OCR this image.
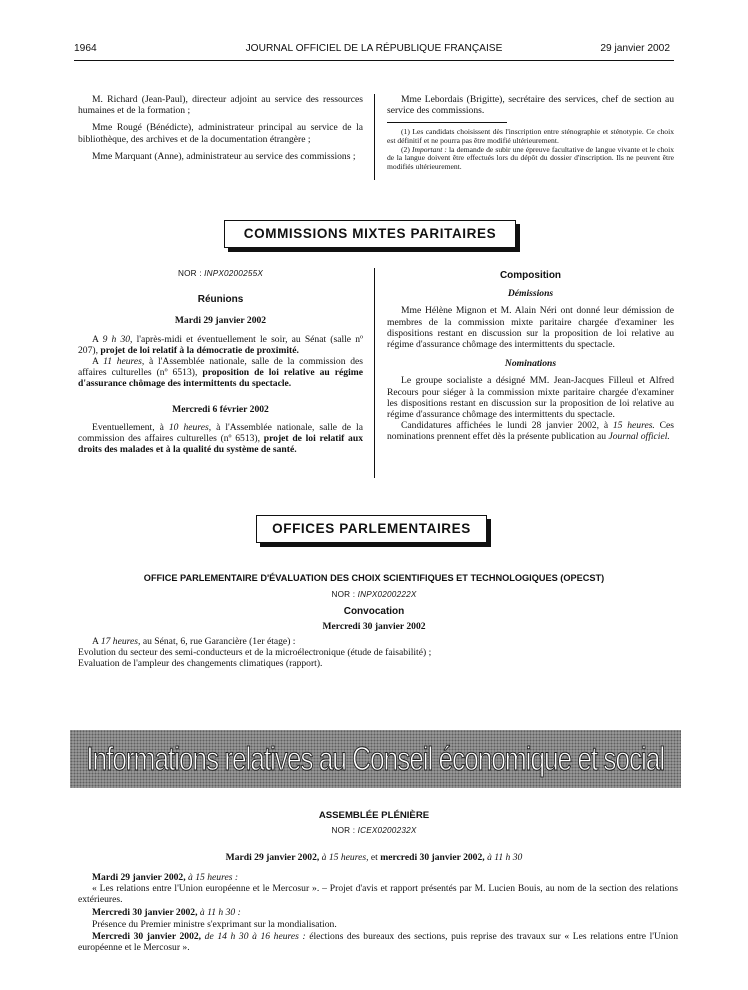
1964	JOURNAL OFFICIEL DE LA RÉPUBLIQUE FRANÇAISE	29 janvier 2002

M. Richard (Jean-Paul), directeur adjoint au service des ressources humaines et de la formation ;

Mme Rougé (Bénédicte), administrateur principal au service de la bibliothèque, des archives et de la documentation étrangère ;

Mme Marquant (Anne), administrateur au service des commissions ;

Mme Lebordais (Brigitte), secrétaire des services, chef de section au service des commissions.

(1) Les candidats choisissent dès l'inscription entre sténographie et sténotypie. Ce choix est définitif et ne pourra pas être modifié ultérieurement.

(2) Important : la demande de subir une épreuve facultative de langue vivante et le choix de la langue doivent être effectués lors du dépôt du dossier d'inscription. Ils ne peuvent être modifiés ultérieurement.

COMMISSIONS MIXTES PARITAIRES

NOR : INPX0200255X

Réunions

Mardi 29 janvier 2002

A 9 h 30, l'après-midi et éventuellement le soir, au Sénat (salle nº 207), projet de loi relatif à la démocratie de proximité.

A 11 heures, à l'Assemblée nationale, salle de la commission des affaires culturelles (nº 6513), proposition de loi relative au régime d'assurance chômage des intermittents du spectacle.

Mercredi 6 février 2002

Eventuellement, à 10 heures, à l'Assemblée nationale, salle de la commission des affaires culturelles (nº 6513), projet de loi relatif aux droits des malades et à la qualité du système de santé.

Composition

Démissions

Mme Hélène Mignon et M. Alain Néri ont donné leur démission de membres de la commission mixte paritaire chargée d'examiner les dispositions restant en discussion sur la proposition de loi relative au régime d'assurance chômage des intermittents du spectacle.

Nominations

Le groupe socialiste a désigné MM. Jean-Jacques Filleul et Alfred Recours pour siéger à la commission mixte paritaire chargée d'examiner les dispositions restant en discussion sur la proposition de loi relative au régime d'assurance chômage des intermittents du spectacle.

Candidatures affichées le lundi 28 janvier 2002, à 15 heures. Ces nominations prennent effet dès la présente publication au Journal officiel.

OFFICES PARLEMENTAIRES
OFFICE PARLEMENTAIRE D'ÉVALUATION DES CHOIX SCIENTIFIQUES ET TECHNOLOGIQUES (OPECST)
NOR : INPX0200222X
Convocation
Mercredi 30 janvier 2002

A 17 heures, au Sénat, 6, rue Garancière (1er étage) :

Evolution du secteur des semi-conducteurs et de la microélectronique (étude de faisabilité) ;

Evaluation de l'ampleur des changements climatiques (rapport).

Informations relatives au Conseil économique et social
ASSEMBLÉE PLÉNIÈRE
NOR : ICEX0200232X
Mardi 29 janvier 2002, à 15 heures, et mercredi 30 janvier 2002, à 11 h 30

Mardi 29 janvier 2002, à 15 heures :

« Les relations entre l'Union européenne et le Mercosur ». – Projet d'avis et rapport présentés par M. Lucien Bouis, au nom de la section des relations extérieures.

Mercredi 30 janvier 2002, à 11 h 30 :

Présence du Premier ministre s'exprimant sur la mondialisation.

Mercredi 30 janvier 2002, de 14 h 30 à 16 heures : élections des bureaux des sections, puis reprise des travaux sur « Les relations entre l'Union européenne et le Mercosur ».
